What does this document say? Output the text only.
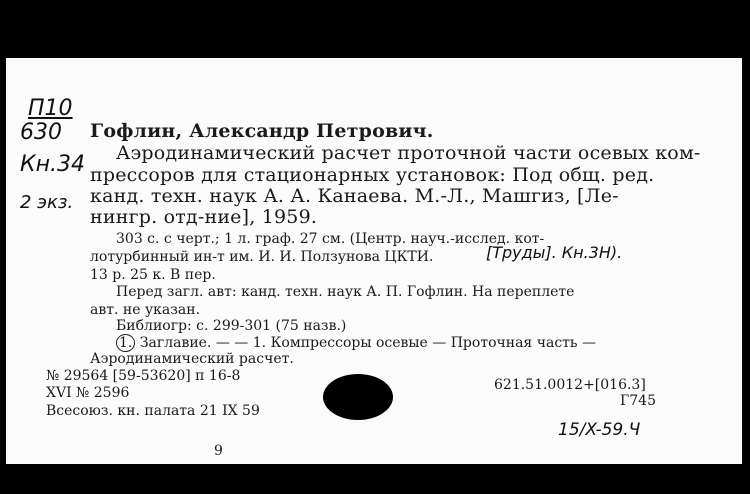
П10
630
Кн.34
2 экз.
Гофлин, Александр Петрович.
Аэродинамический расчет проточной части осевых ком-
прессоров для стационарных установок: Под общ. ред.
канд. техн. наук А. А. Канаева. М.-Л., Машгиз, [Ле-
нингр. отд-ние], 1959.
303 с. с черт.; 1 л. граф. 27 см. (Центр. науч.-исслед. кот-
лотурбинный ин-т им. И. И. Ползунова ЦКТИ.	[Труды]. Кн.3Н).
13 р. 25 к. В пер.
Перед загл. авт: канд. техн. наук А. П. Гофлин. На переплете
авт. не указан.
Библиогр: с. 299-301 (75 назв.)
1. Заглавие. — — 1. Компрессоры осевые — Проточная часть —
Аэродинамический расчет.
№ 29564 [59-53620] п 16-8
XVI № 2596
Всесоюз. кн. палата 21 IX 59
621.51.0012+[016.3]
Г745
15/X-59.Ч
9
